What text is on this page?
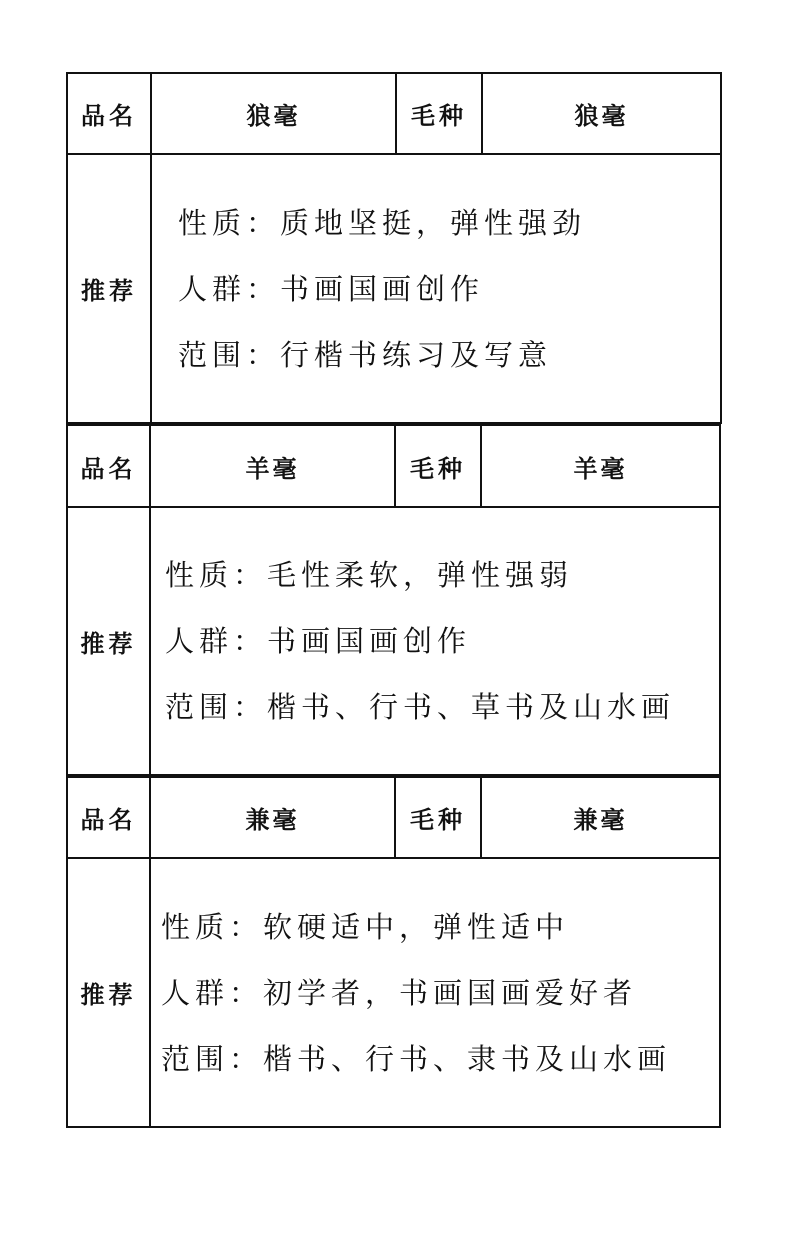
品名	狼毫	毛种	狼毫
推荐	性质：质地坚挺，弹性强劲
人群：书画国画创作
范围：行楷书练习及写意		
品名	羊毫	毛种	羊毫
推荐	性质：毛性柔软，弹性强弱
人群：书画国画创作
范围：楷书、行书、草书及山水画		
品名	兼毫	毛种	兼毫
推荐	性质：软硬适中，弹性适中
人群：初学者，书画国画爱好者
范围：楷书、行书、隶书及山水画		
